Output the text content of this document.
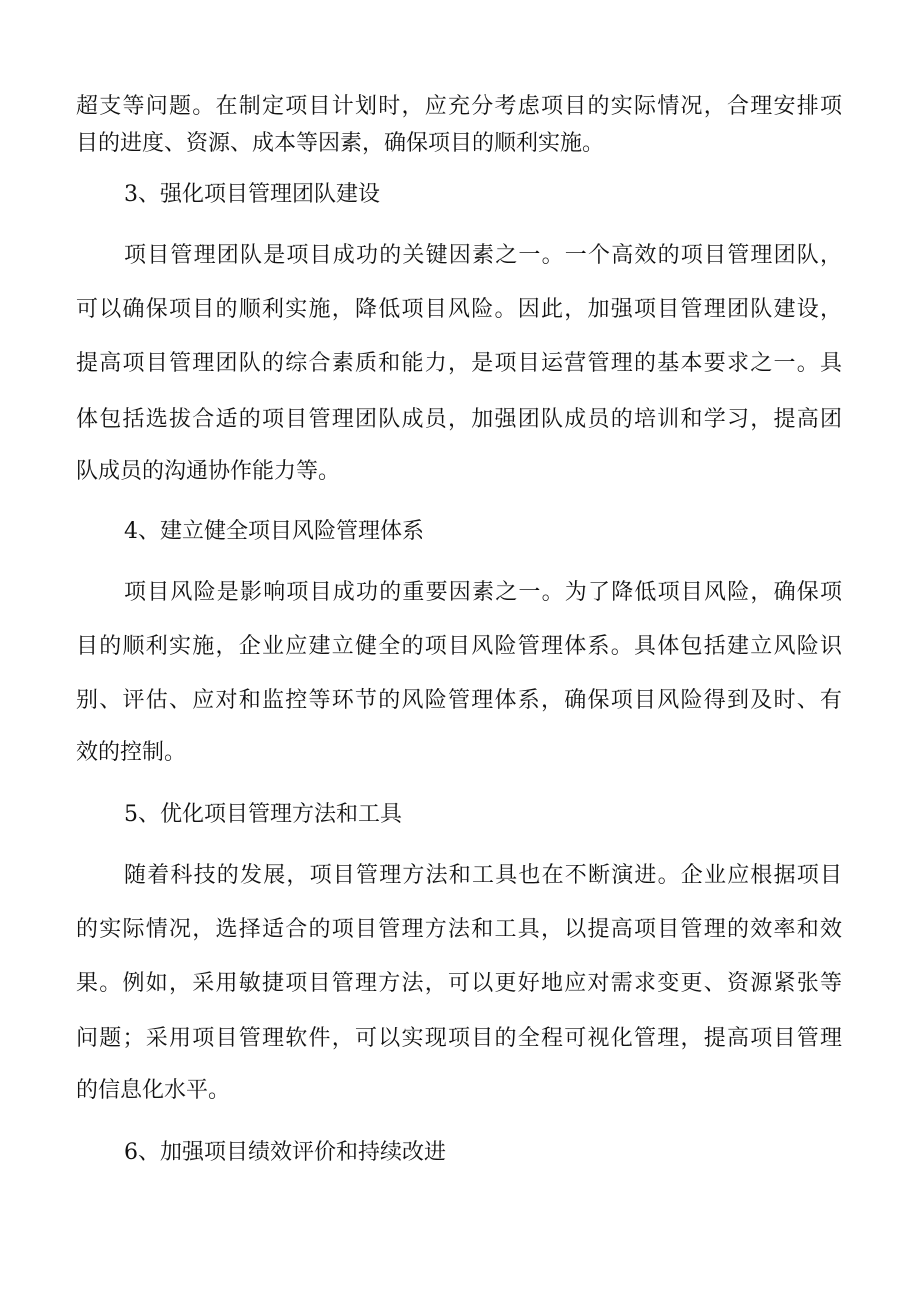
超支等问题。在制定项目计划时，应充分考虑项目的实际情况，合理安排项
目的进度、资源、成本等因素，确保项目的顺利实施。
3、强化项目管理团队建设
项目管理团队是项目成功的关键因素之一。一个高效的项目管理团队，
可以确保项目的顺利实施，降低项目风险。因此，加强项目管理团队建设，
提高项目管理团队的综合素质和能力，是项目运营管理的基本要求之一。具
体包括选拔合适的项目管理团队成员，加强团队成员的培训和学习，提高团
队成员的沟通协作能力等。
4、建立健全项目风险管理体系
项目风险是影响项目成功的重要因素之一。为了降低项目风险，确保项
目的顺利实施，企业应建立健全的项目风险管理体系。具体包括建立风险识
别、评估、应对和监控等环节的风险管理体系，确保项目风险得到及时、有
效的控制。
5、优化项目管理方法和工具
随着科技的发展，项目管理方法和工具也在不断演进。企业应根据项目
的实际情况，选择适合的项目管理方法和工具，以提高项目管理的效率和效
果。例如，采用敏捷项目管理方法，可以更好地应对需求变更、资源紧张等
问题；采用项目管理软件，可以实现项目的全程可视化管理，提高项目管理
的信息化水平。
6、加强项目绩效评价和持续改进
